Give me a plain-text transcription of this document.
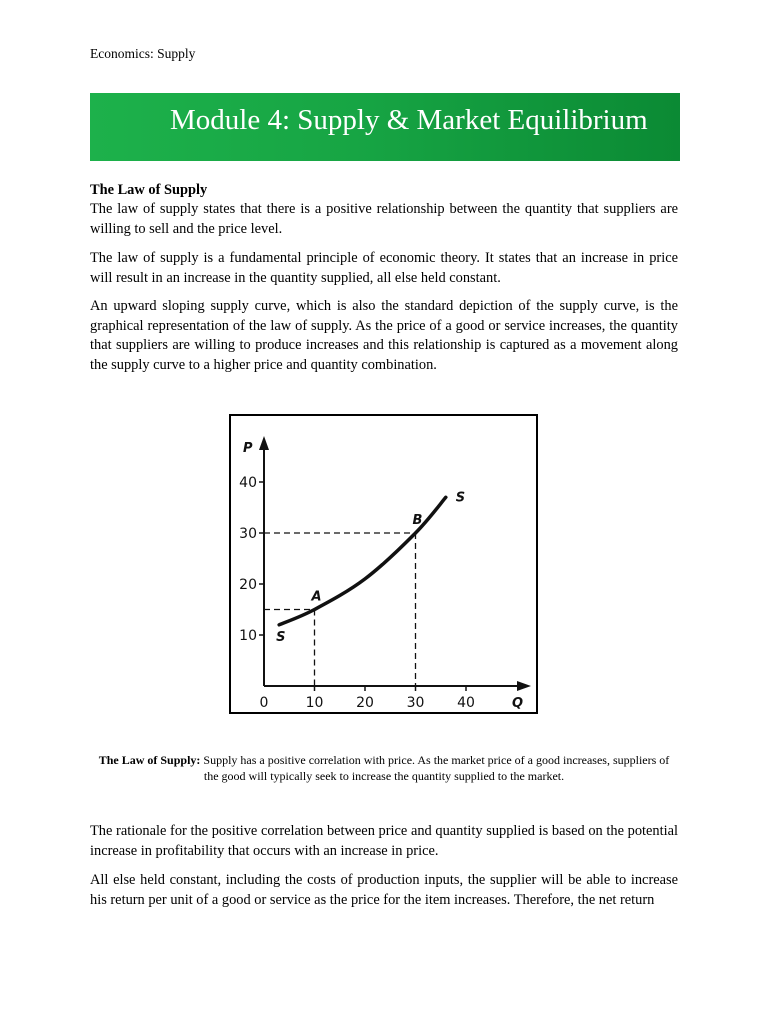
Economics: Supply
Module 4: Supply & Market Equilibrium
The Law of Supply

The law of supply states that there is a positive relationship between the quantity that suppliers are willing to sell and the price level.

The law of supply is a fundamental principle of economic theory. It states that an increase in price will result in an increase in the quantity supplied, all else held constant.

An upward sloping supply curve, which is also the standard depiction of the supply curve, is the graphical representation of the law of supply. As the price of a good or service increases, the quantity that suppliers are willing to produce increases and this relationship is captured as a movement along the supply curve to a higher price and quantity combination.

0	10 20 30 40
10
20
30
40
P
Q
A
B
S
S
The Law of Supply: Supply has a positive correlation with price. As the market price of a good increases, suppliers of the good will typically seek to increase the quantity supplied to the market.

The rationale for the positive correlation between price and quantity supplied is based on the potential increase in profitability that occurs with an increase in price.

All else held constant, including the costs of production inputs, the supplier will be able to increase his return per unit of a good or service as the price for the item increases. Therefore, the net return
